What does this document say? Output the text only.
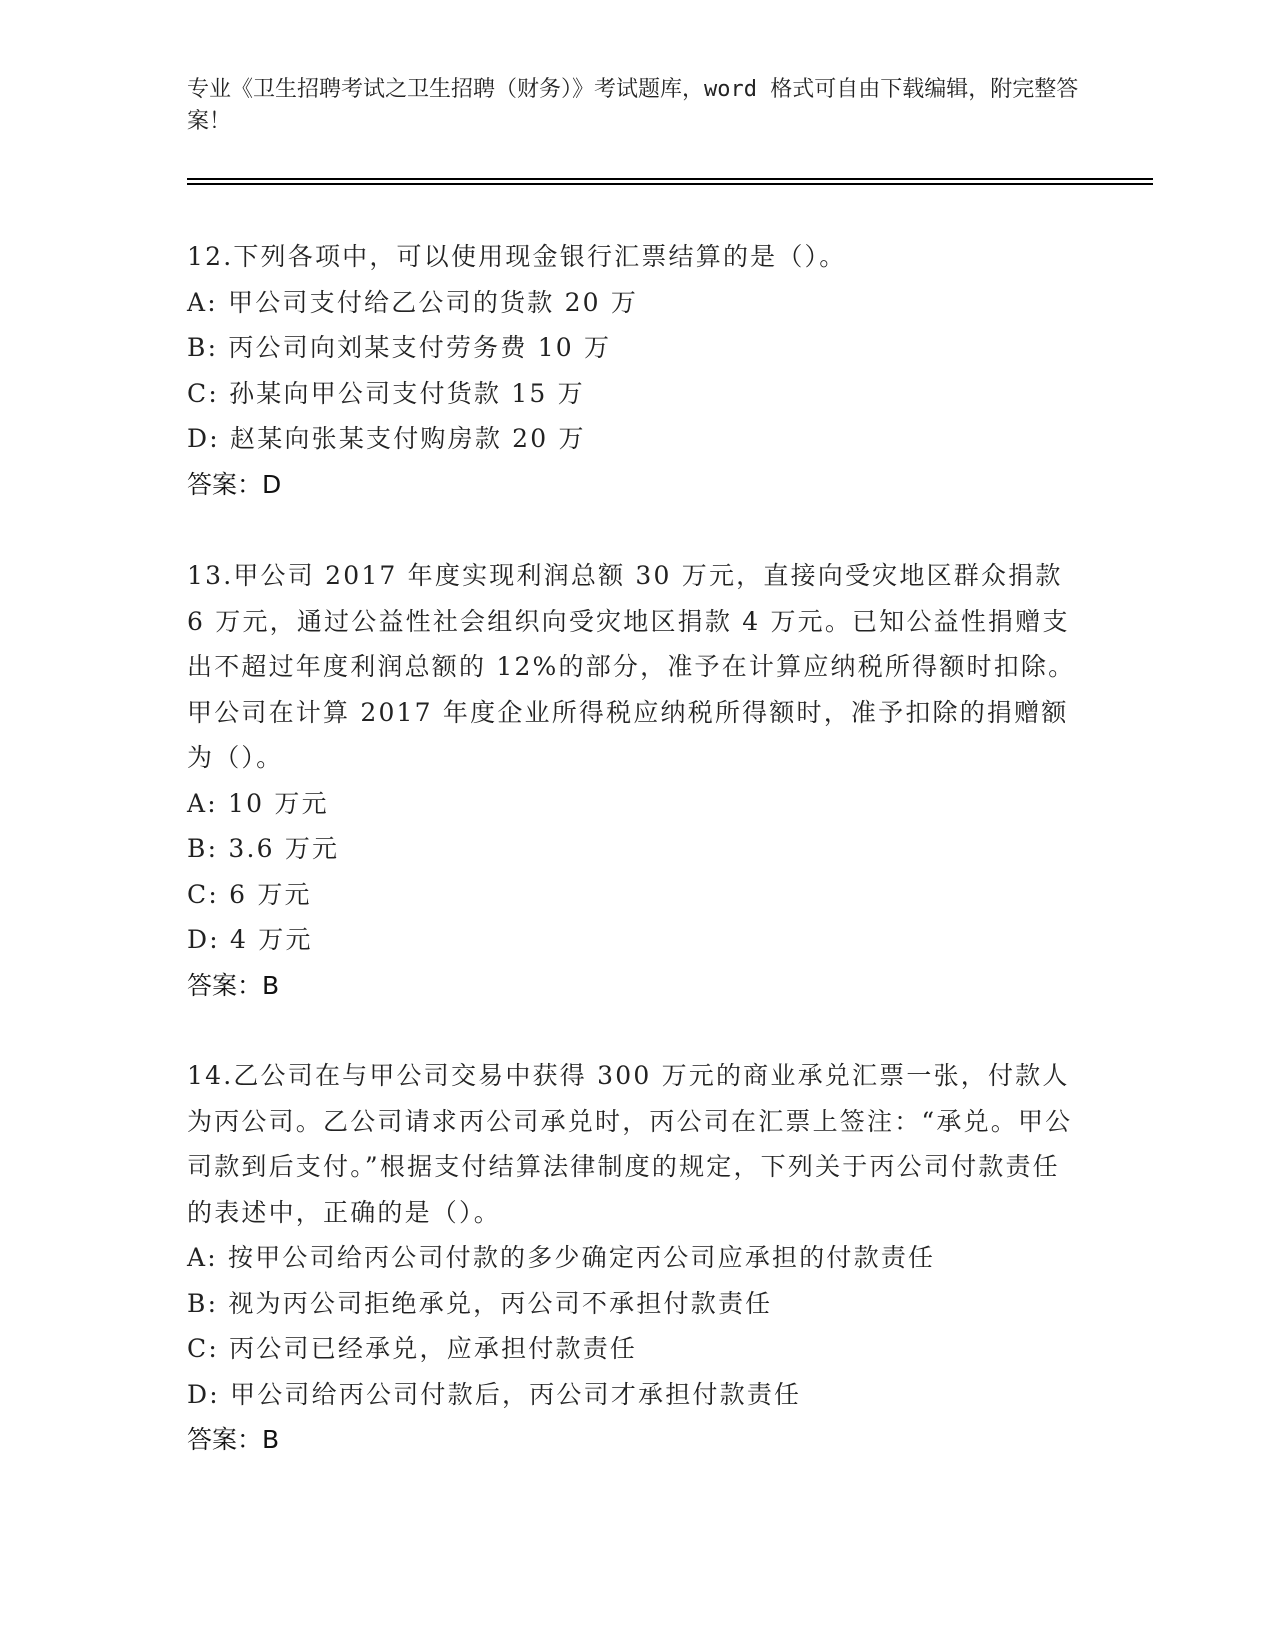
专业《卫生招聘考试之卫生招聘（财务）》考试题库，word 格式可自由下载编辑，附完整答案！

12.下列各项中，可以使用现金银行汇票结算的是（）。

A: 甲公司支付给乙公司的货款 20 万

B: 丙公司向刘某支付劳务费 10 万

C: 孙某向甲公司支付货款 15 万

D: 赵某向张某支付购房款 20 万

答案：D

13.甲公司 2017 年度实现利润总额 30 万元，直接向受灾地区群众捐款 6 万元，通过公益性社会组织向受灾地区捐款 4 万元。已知公益性捐赠支出不超过年度利润总额的 12%的部分，准予在计算应纳税所得额时扣除。甲公司在计算 2017 年度企业所得税应纳税所得额时，准予扣除的捐赠额为（）。

A: 10 万元

B: 3.6 万元

C: 6 万元

D: 4 万元

答案：B

14.乙公司在与甲公司交易中获得 300 万元的商业承兑汇票一张，付款人为丙公司。乙公司请求丙公司承兑时，丙公司在汇票上签注：“承兑。甲公司款到后支付。”根据支付结算法律制度的规定，下列关于丙公司付款责任的表述中，正确的是（）。

A: 按甲公司给丙公司付款的多少确定丙公司应承担的付款责任

B: 视为丙公司拒绝承兑，丙公司不承担付款责任

C: 丙公司已经承兑，应承担付款责任

D: 甲公司给丙公司付款后，丙公司才承担付款责任

答案：B
